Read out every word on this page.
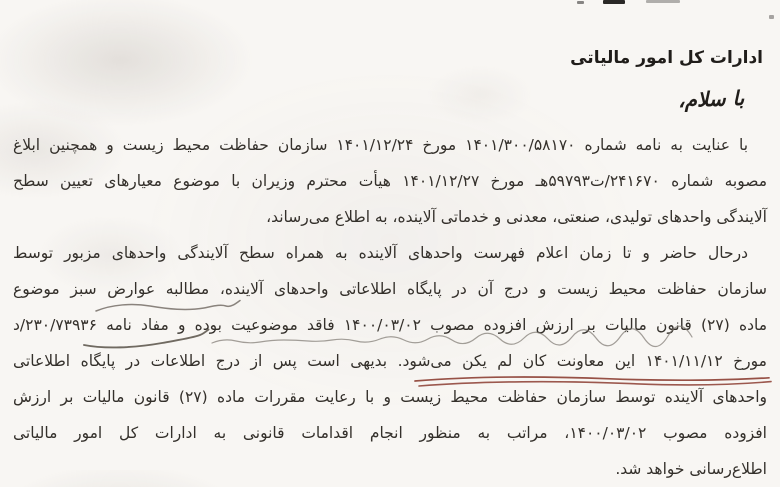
ادارات کل امور مالیاتی
با سلام،
با عنایت به نامه شماره ۱۴۰۱/۳۰۰/۵۸۱۷۰ مورخ ۱۴۰۱/۱۲/۲۴ سازمان حفاظت محیط زیست و همچنین ابلاغ
مصوبه شماره ۲۴۱۶۷۰/ت۵۹۷۹۳هـ مورخ ۱۴۰۱/۱۲/۲۷ هیأت محترم وزیران با موضوع معیارهای تعیین سطح
آلایندگی واحدهای تولیدی، صنعتی، معدنی و خدماتی آلاینده، به اطلاع می‌رساند،
درحال حاضر و تا زمان اعلام فهرست واحدهای آلاینده به همراه سطح آلایندگی واحدهای مزبور توسط
سازمان حفاظت محیط زیست و درج آن در پایگاه اطلاعاتی واحدهای آلاینده، مطالبه عوارض سبز موضوع
ماده (۲۷) قانون مالیات بر ارزش افزوده مصوب ۱۴۰۰/۰۳/۰۲ فاقد موضوعیت بوده و مفاد نامه ۲۳۰/۷۳۹۳۶/د
مورخ ۱۴۰۱/۱۱/۱۲ این معاونت کان لم یکن می‌شود. بدیهی است پس از درج اطلاعات در پایگاه اطلاعاتی
واحدهای آلاینده توسط سازمان حفاظت محیط زیست و با رعایت مقررات ماده (۲۷) قانون مالیات بر ارزش
افزوده مصوب ۱۴۰۰/۰۳/۰۲، مراتب به منظور انجام اقدامات قانونی به ادارات کل امور مالیاتی
اطلاع‌رسانی خواهد شد.
